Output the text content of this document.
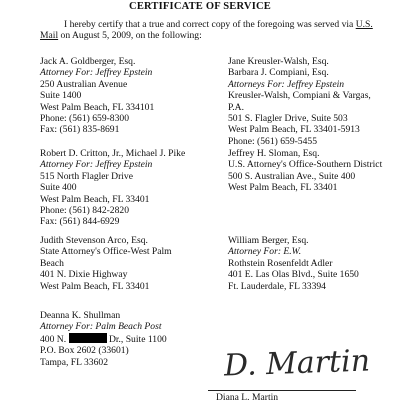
CERTIFICATE OF SERVICE
I hereby certify that a true and correct copy of the foregoing was served via U.S. Mail on August 5, 2009, on the following:
Jack A. Goldberger, Esq.
Attorney For: Jeffrey Epstein
250 Australian Avenue
Suite 1400
West Palm Beach, FL 334101
Phone: (561) 659-8300
Fax: (561) 835-8691
Jane Kreusler-Walsh, Esq.
Barbara J. Compiani, Esq.
Attorneys For: Jeffrey Epstein
Kreusler-Walsh, Compiani & Vargas,
P.A.
501 S. Flagler Drive, Suite 503
West Palm Beach, FL 33401-5913
Phone: (561) 659-5455
Robert D. Critton, Jr., Michael J. Pike
Attorney For: Jeffrey Epstein
515 North Flagler Drive
Suite 400
West Palm Beach, FL 33401
Phone: (561) 842-2820
Fax: (561) 844-6929
Jeffrey H. Sloman, Esq.
U.S. Attorney's Office-Southern District
500 S. Australian Ave., Suite 400
West Palm Beach, FL 33401
Judith Stevenson Arco, Esq.
State Attorney's Office-West Palm
Beach
401 N. Dixie Highway
West Palm Beach, FL 33401
William Berger, Esq.
Attorney For: E.W.
Rothstein Rosenfeldt Adler
401 E. Las Olas Blvd., Suite 1650
Ft. Lauderdale, FL 33394
Deanna K. Shullman
Attorney For: Palm Beach Post
400 N.	Dr., Suite 1100
P.O. Box 2602 (33601)
Tampa, FL 33602	D. Martin
Diana L. Martin
